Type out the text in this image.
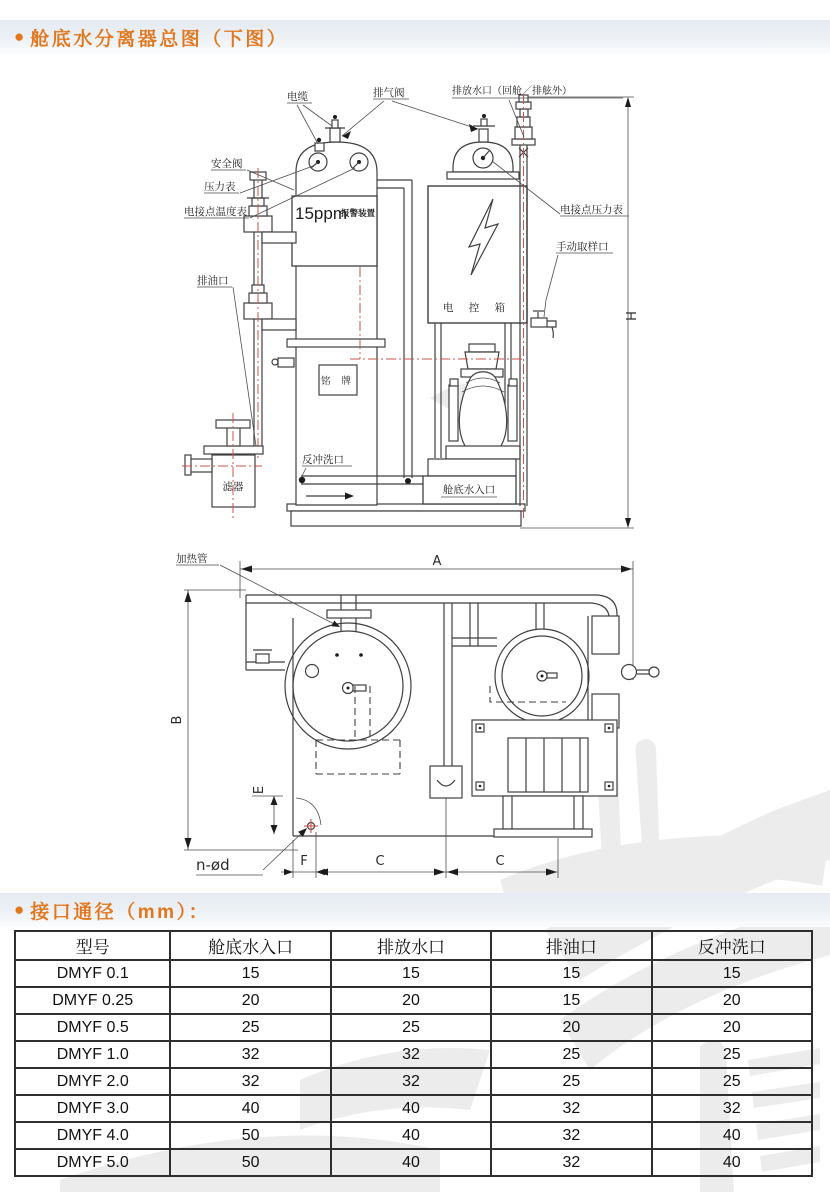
● 舱底水分离器总图（下图）
H
铭 牌
15ppm
报警装置
电 控 箱
舱底水入口
滤器
电缆	排气阀	排放水口（回舱／排舷外）
安全阀
压力表
电接点温度表
排油口
电接点压力表
手动取样口
反冲洗口
A
B
加热管
E
F	C	C
n-ød
● 接口通径（mm）：
型号	舱底水入口	排放水口	排油口	反冲洗口
DMYF 0.1	15	15	15	15
DMYF 0.25	20	20	15	20
DMYF 0.5	25	25	20	20
DMYF 1.0	32	32	25	25
DMYF 2.0	32	32	25	25
DMYF 3.0	40	40	32	32
DMYF 4.0	50	40	32	40
DMYF 5.0	50	40	32	40
